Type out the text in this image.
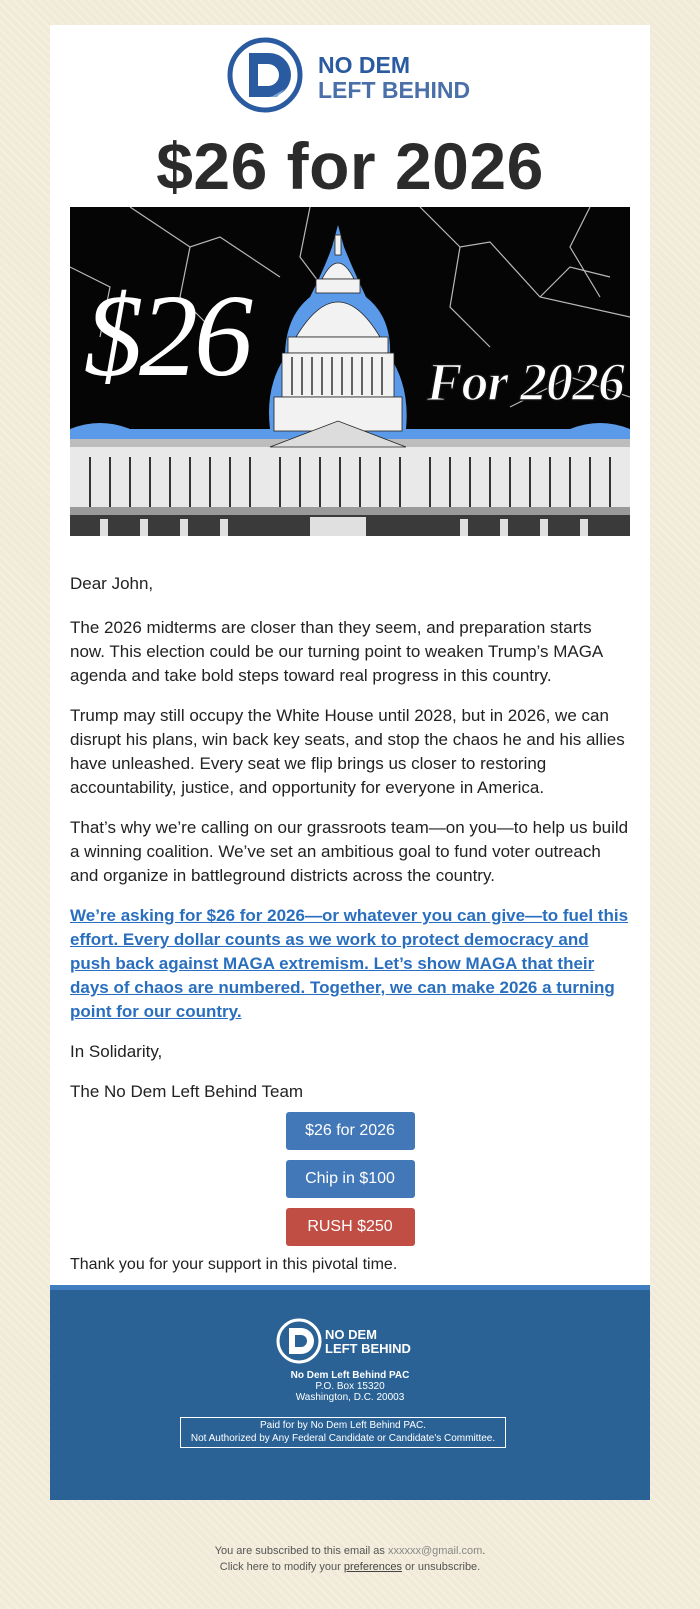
NO DEM
LEFT BEHIND
$26 for 2026
$26	For 2026

Dear John,

The 2026 midterms are closer than they seem, and preparation starts now. This election could be our turning point to weaken Trump’s MAGA agenda and take bold steps toward real progress in this country.

Trump may still occupy the White House until 2028, but in 2026, we can disrupt his plans, win back key seats, and stop the chaos he and his allies have unleashed. Every seat we flip brings us closer to restoring accountability, justice, and opportunity for everyone in America.

That’s why we’re calling on our grassroots team—on you—to help us build a winning coalition. We’ve set an ambitious goal to fund voter outreach and organize in battleground districts across the country.

We’re asking for $26 for 2026—or whatever you can give—to fuel this effort. Every dollar counts as we work to protect democracy and push back against MAGA extremism. Let’s show MAGA that their days of chaos are numbered. Together, we can make 2026 a turning point for our country.

In Solidarity,

The No Dem Left Behind Team

$26 for 2026
Chip in $100
RUSH $250
Thank you for your support in this pivotal time.
NO DEM
LEFT BEHIND
No Dem Left Behind PAC
P.O. Box 15320
Washington, D.C. 20003
Paid for by No Dem Left Behind PAC.
Not Authorized by Any Federal Candidate or Candidate's Committee.
You are subscribed to this email as xxxxxx@gmail.com.
Click here to modify your preferences or unsubscribe.
